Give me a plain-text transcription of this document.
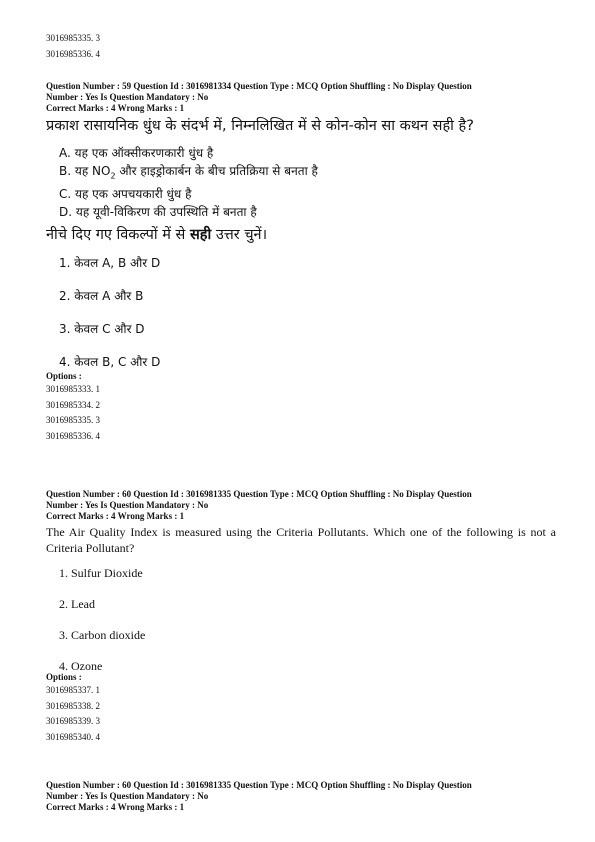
3016985335. 3

3016985336. 4

Question Number : 59 Question Id : 3016981334 Question Type : MCQ Option Shuffling : No Display Question

Number : Yes Is Question Mandatory : No

Correct Marks : 4 Wrong Marks : 1

प्रकाश रासायनिक धुंध के संदर्भ में, निम्नलिखित में से कोन-कोन सा कथन सही है?

A. यह एक ऑक्सीकरणकारी धुंध है

B. यह $NO_2$ और हाइड्रोकार्बन के बीच प्रतिक्रिया से बनता है

C. यह एक अपचयकारी धुंध है

D. यह यूवी-विकिरण की उपस्थिति में बनता है

नीचे दिए गए विकल्पों में से सही उत्तर चुनें।

1. केवल A, B और D

2. केवल A और B

3. केवल C और D

4. केवल B, C और D

Options :

3016985333. 1

3016985334. 2

3016985335. 3

3016985336. 4

Question Number : 60 Question Id : 3016981335 Question Type : MCQ Option Shuffling : No Display Question

Number : Yes Is Question Mandatory : No

Correct Marks : 4 Wrong Marks : 1

The Air Quality Index is measured using the Criteria Pollutants. Which one of the following is not a Criteria Pollutant?

1. Sulfur Dioxide

2. Lead

3. Carbon dioxide

4. Ozone

Options :

3016985337. 1

3016985338. 2

3016985339. 3

3016985340. 4

Question Number : 60 Question Id : 3016981335 Question Type : MCQ Option Shuffling : No Display Question

Number : Yes Is Question Mandatory : No

Correct Marks : 4 Wrong Marks : 1
